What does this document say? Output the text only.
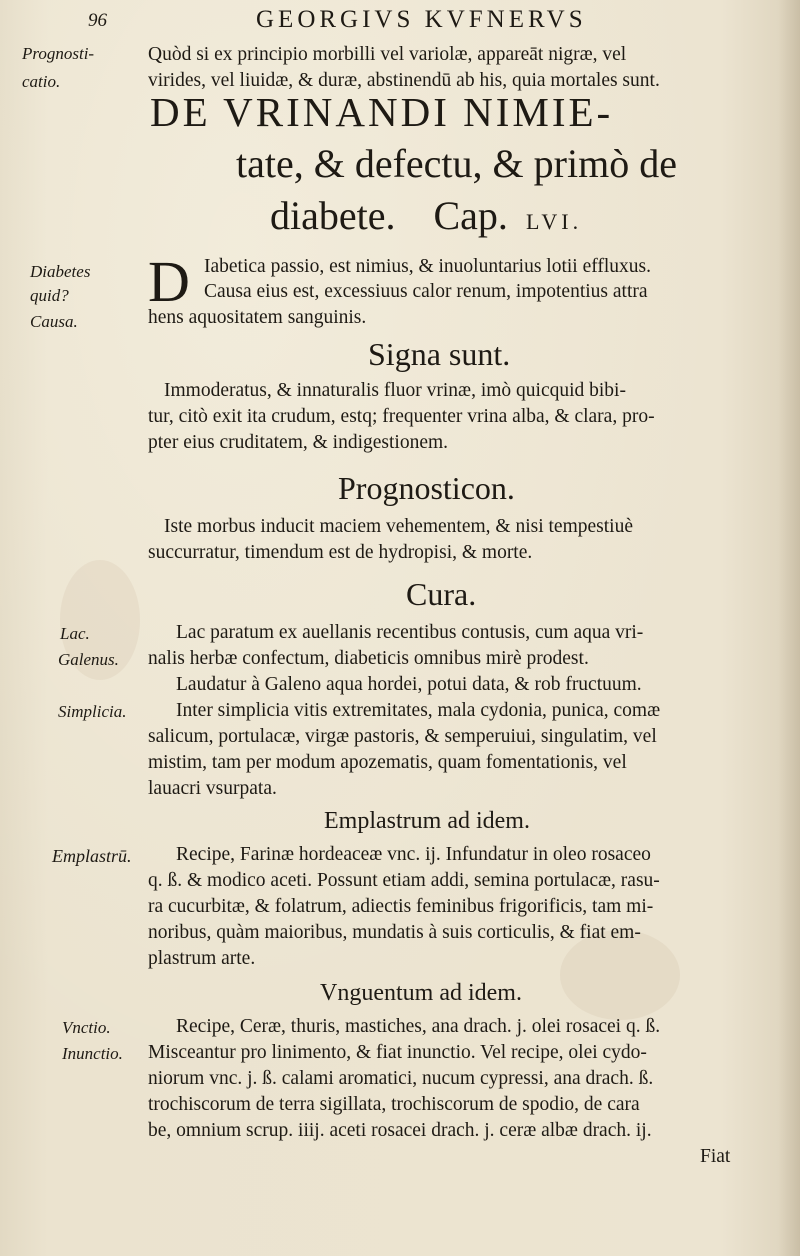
96	GEORGIVS KVFNERVS
Prognosti-
catio.
Quòd si ex principio morbilli vel variolæ, appareāt nigræ, vel
virides, vel liuidæ, & duræ, abstinendū ab his, quia mortales sunt.
DE VRINANDI NIMIE-
tate, & defectu, & primò de
diabete. Cap. LVI.
Diabetes
quid?
Causa.
D Iabetica passio, est nimius, & inuoluntarius lotii effluxus.
Causa eius est, excessiuus calor renum, impotentius attra
hens aquositatem sanguinis.
Signa sunt.
Immoderatus, & innaturalis fluor vrinæ, imò quicquid bibi-
tur, citò exit ita crudum, estq; frequenter vrina alba, & clara, pro-
pter eius cruditatem, & indigestionem.
Prognosticon.
Iste morbus inducit maciem vehementem, & nisi tempestiuè
succurratur, timendum est de hydropisi, & morte.
Cura.
Lac.
Galenus.
Simplicia.
Lac paratum ex auellanis recentibus contusis, cum aqua vri-
nalis herbæ confectum, diabeticis omnibus mirè prodest.
Laudatur à Galeno aqua hordei, potui data, & rob fructuum.
Inter simplicia vitis extremitates, mala cydonia, punica, comæ
salicum, portulacæ, virgæ pastoris, & semperuiui, singulatim, vel
mistim, tam per modum apozematis, quam fomentationis, vel
lauacri vsurpata.
Emplastrum ad idem.
Emplastrū. Recipe, Farinæ hordeaceæ vnc. ij. Infundatur in oleo rosaceo
q. ß. & modico aceti. Possunt etiam addi, semina portulacæ, rasu-
ra cucurbitæ, & folatrum, adiectis feminibus frigorificis, tam mi-
noribus, quàm maioribus, mundatis à suis corticulis, & fiat em-
plastrum arte.
Vnguentum ad idem.
Vnctio.
Inunctio.
Recipe, Ceræ, thuris, mastiches, ana drach. j. olei rosacei q. ß.
Misceantur pro linimento, & fiat inunctio. Vel recipe, olei cydo-
niorum vnc. j. ß. calami aromatici, nucum cypressi, ana drach. ß.
trochiscorum de terra sigillata, trochiscorum de spodio, de cara
be, omnium scrup. iiij. aceti rosacei drach. j. ceræ albæ drach. ij.
Fiat
